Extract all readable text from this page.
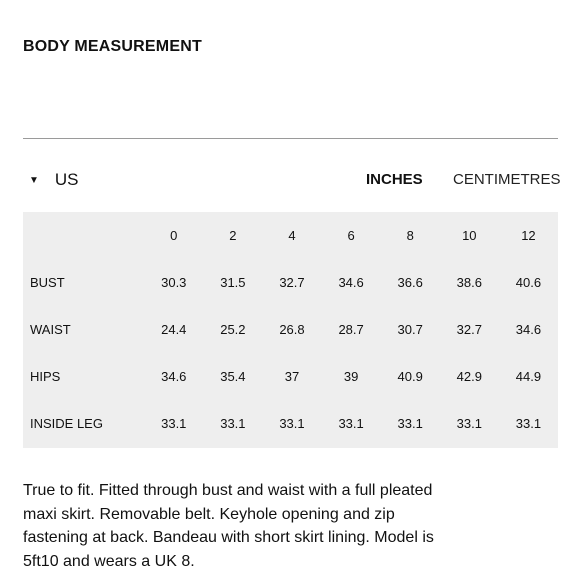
BODY MEASUREMENT
▼ US	INCHES CENTIMETRES
	0	2	4	6	8	10	12
BUST	30.3	31.5	32.7	34.6	36.6	38.6	40.6
WAIST	24.4	25.2	26.8	28.7	30.7	32.7	34.6
HIPS	34.6	35.4	37	39	40.9	42.9	44.9
INSIDE LEG	33.1	33.1	33.1	33.1	33.1	33.1	33.1
True to fit. Fitted through bust and waist with a full pleated maxi skirt. Removable belt. Keyhole opening and zip fastening at back. Bandeau with short skirt lining. Model is 5ft10 and wears a UK 8.
